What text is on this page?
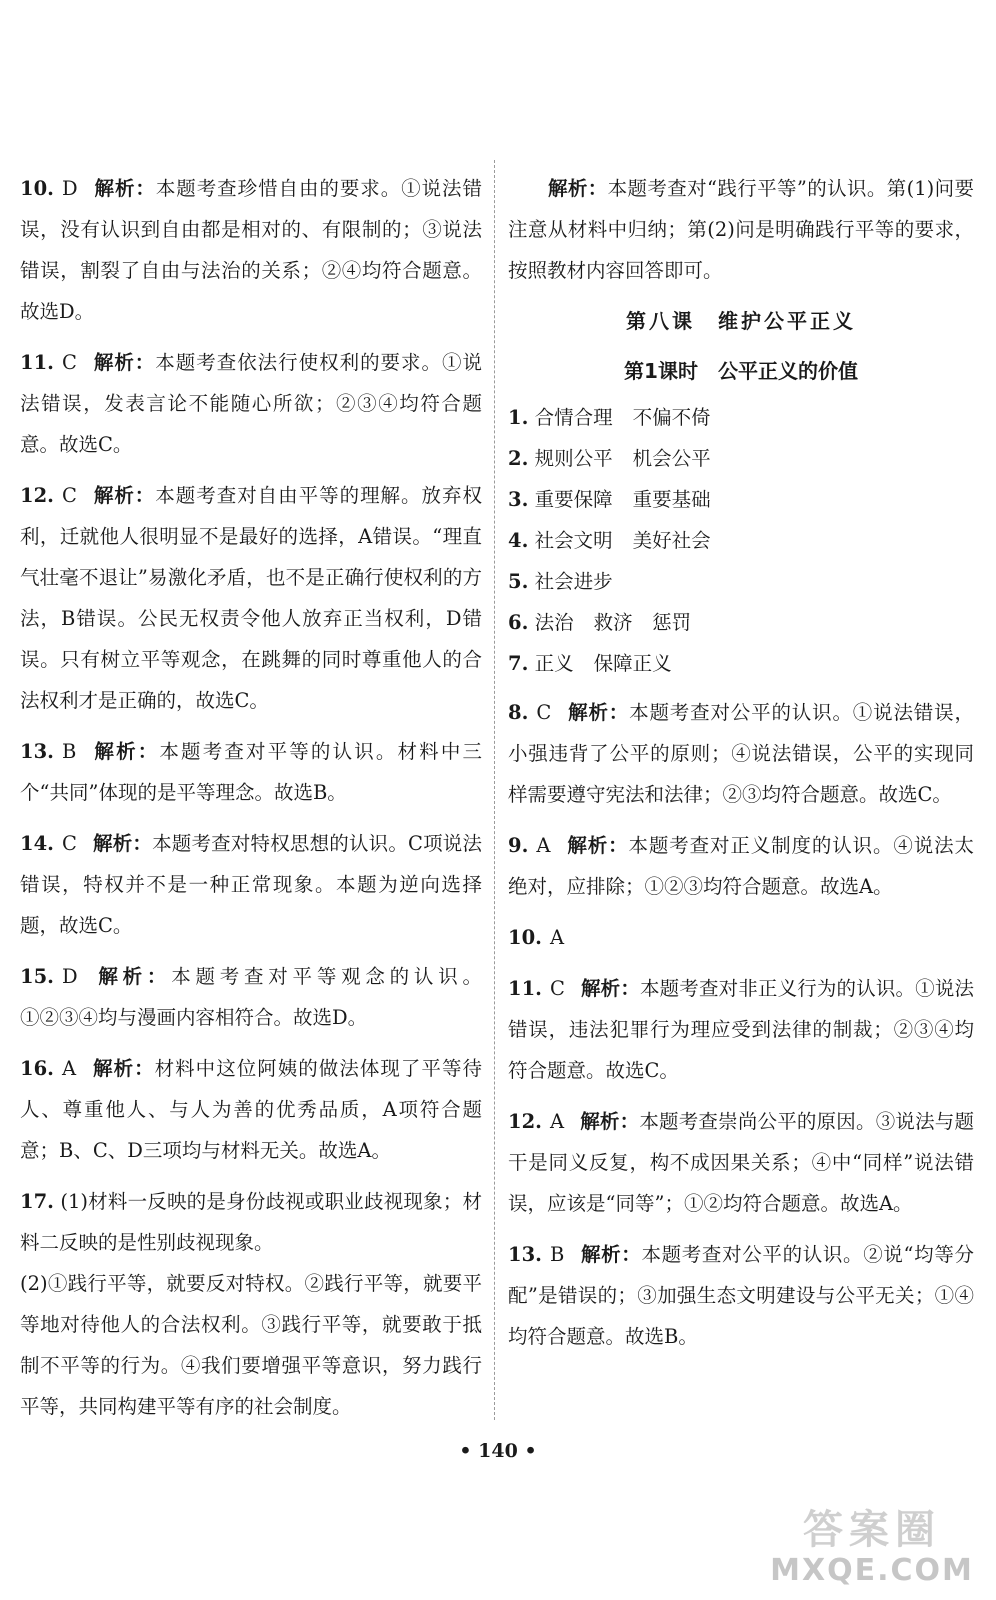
10. D 解析：本题考查珍惜自由的要求。①说法错误，没有认识到自由都是相对的、有限制的；③说法错误，割裂了自由与法治的关系；②④均符合题意。故选D。
11. C 解析：本题考查依法行使权利的要求。①说法错误，发表言论不能随心所欲；②③④均符合题意。故选C。
12. C 解析：本题考查对自由平等的理解。放弃权利，迁就他人很明显不是最好的选择，A错误。“理直气壮毫不退让”易激化矛盾，也不是正确行使权利的方法，B错误。公民无权责令他人放弃正当权利，D错误。只有树立平等观念，在跳舞的同时尊重他人的合法权利才是正确的，故选C。
13. B 解析：本题考查对平等的认识。材料中三个“共同”体现的是平等理念。故选B。
14. C 解析：本题考查对特权思想的认识。C项说法错误，特权并不是一种正常现象。本题为逆向选择题，故选C。
15. D 解析：本题考查对平等观念的认识。①②③④均与漫画内容相符合。故选D。
16. A 解析：材料中这位阿姨的做法体现了平等待人、尊重他人、与人为善的优秀品质，A项符合题意；B、C、D三项均与材料无关。故选A。
17. (1)材料一反映的是身份歧视或职业歧视现象；材料二反映的是性别歧视现象。
(2)①践行平等，就要反对特权。②践行平等，就要平等地对待他人的合法权利。③践行平等，就要敢于抵制不平等的行为。④我们要增强平等意识，努力践行平等，共同构建平等有序的社会制度。
解析：本题考查对“践行平等”的认识。第(1)问要注意从材料中归纳；第(2)问是明确践行平等的要求，按照教材内容回答即可。
第八课　维护公平正义
第1课时　公平正义的价值
1. 合情合理 不偏不倚
2. 规则公平 机会公平
3. 重要保障 重要基础
4. 社会文明 美好社会
5. 社会进步
6. 法治 救济　惩罚
7. 正义 保障正义
8. C 解析：本题考查对公平的认识。①说法错误，小强违背了公平的原则；④说法错误，公平的实现同样需要遵守宪法和法律；②③均符合题意。故选C。
9. A 解析：本题考查对正义制度的认识。④说法太绝对，应排除；①②③均符合题意。故选A。
10. A
11. C 解析：本题考查对非正义行为的认识。①说法错误，违法犯罪行为理应受到法律的制裁；②③④均符合题意。故选C。
12. A 解析：本题考查崇尚公平的原因。③说法与题干是同义反复，构不成因果关系；④中“同样”说法错误，应该是“同等”；①②均符合题意。故选A。
13. B 解析：本题考查对公平的认识。②说“均等分配”是错误的；③加强生态文明建设与公平无关；①④均符合题意。故选B。
• 140 •
答案圈
MXQE.COM
